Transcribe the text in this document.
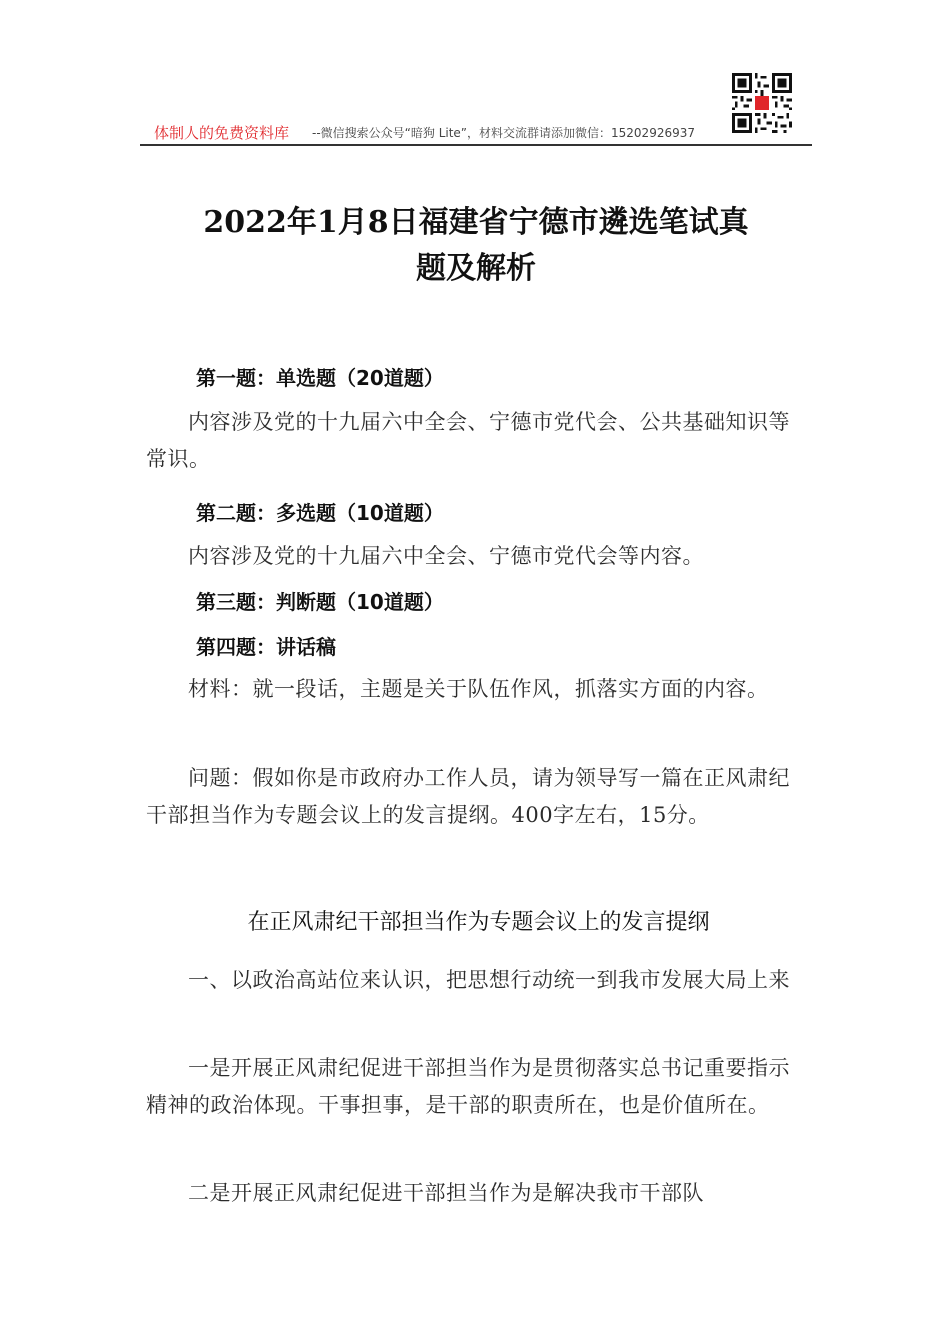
体制人的免费资料库 --微信搜索公众号“暗狗 Lite”，材料交流群请添加微信：15202926937
2022年1月8日福建省宁德市遴选笔试真
题及解析
第一题：单选题（20道题）

内容涉及党的十九届六中全会、宁德市党代会、公共基础知识等常识。

第二题：多选题（10道题）

内容涉及党的十九届六中全会、宁德市党代会等内容。

第三题：判断题（10道题）
第四题：讲话稿

材料：就一段话，主题是关于队伍作风，抓落实方面的内容。

问题：假如你是市政府办工作人员，请为领导写一篇在正风肃纪干部担当作为专题会议上的发言提纲。400字左右，15分。

在正风肃纪干部担当作为专题会议上的发言提纲

一、以政治高站位来认识，把思想行动统一到我市发展大局上来

一是开展正风肃纪促进干部担当作为是贯彻落实总书记重要指示精神的政治体现。干事担事，是干部的职责所在，也是价值所在。

二是开展正风肃纪促进干部担当作为是解决我市干部队
